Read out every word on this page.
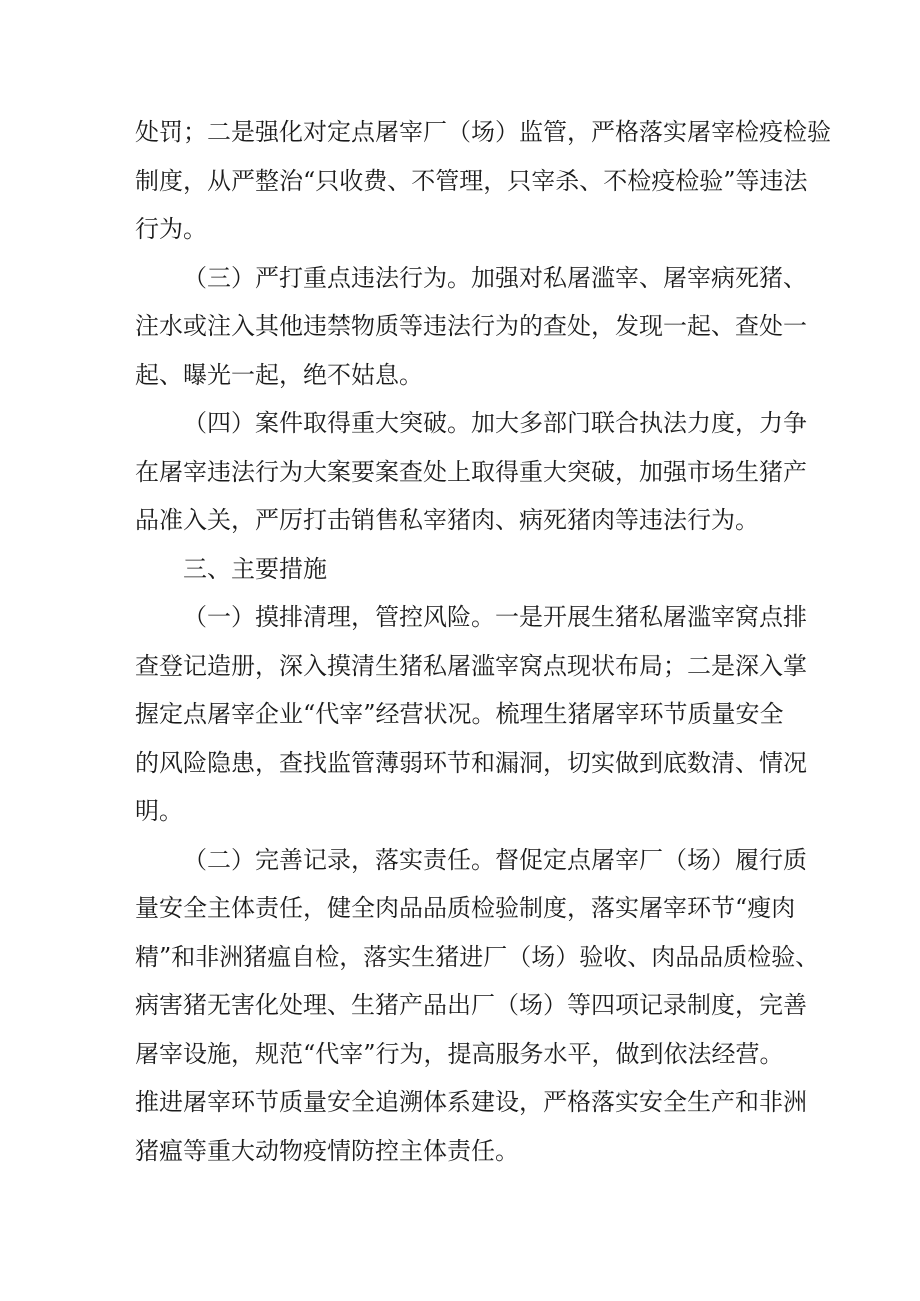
处罚；二是强化对定点屠宰厂（场）监管，严格落实屠宰检疫检验
制度，从严整治“只收费、不管理，只宰杀、不检疫检验”等违法
行为。

（三）严打重点违法行为。加强对私屠滥宰、屠宰病死猪、
注水或注入其他违禁物质等违法行为的查处，发现一起、查处一
起、曝光一起，绝不姑息。

（四）案件取得重大突破。加大多部门联合执法力度，力争
在屠宰违法行为大案要案查处上取得重大突破，加强市场生猪产
品准入关，严厉打击销售私宰猪肉、病死猪肉等违法行为。

三、主要措施

（一）摸排清理，管控风险。一是开展生猪私屠滥宰窝点排
查登记造册，深入摸清生猪私屠滥宰窝点现状布局；二是深入掌
握定点屠宰企业“代宰”经营状况。梳理生猪屠宰环节质量安全
的风险隐患，查找监管薄弱环节和漏洞，切实做到底数清、情况
明。

（二）完善记录，落实责任。督促定点屠宰厂（场）履行质
量安全主体责任，健全肉品品质检验制度，落实屠宰环节“瘦肉
精”和非洲猪瘟自检，落实生猪进厂（场）验收、肉品品质检验、
病害猪无害化处理、生猪产品出厂（场）等四项记录制度，完善
屠宰设施，规范“代宰”行为，提高服务水平，做到依法经营。
推进屠宰环节质量安全追溯体系建设，严格落实安全生产和非洲
猪瘟等重大动物疫情防控主体责任。
